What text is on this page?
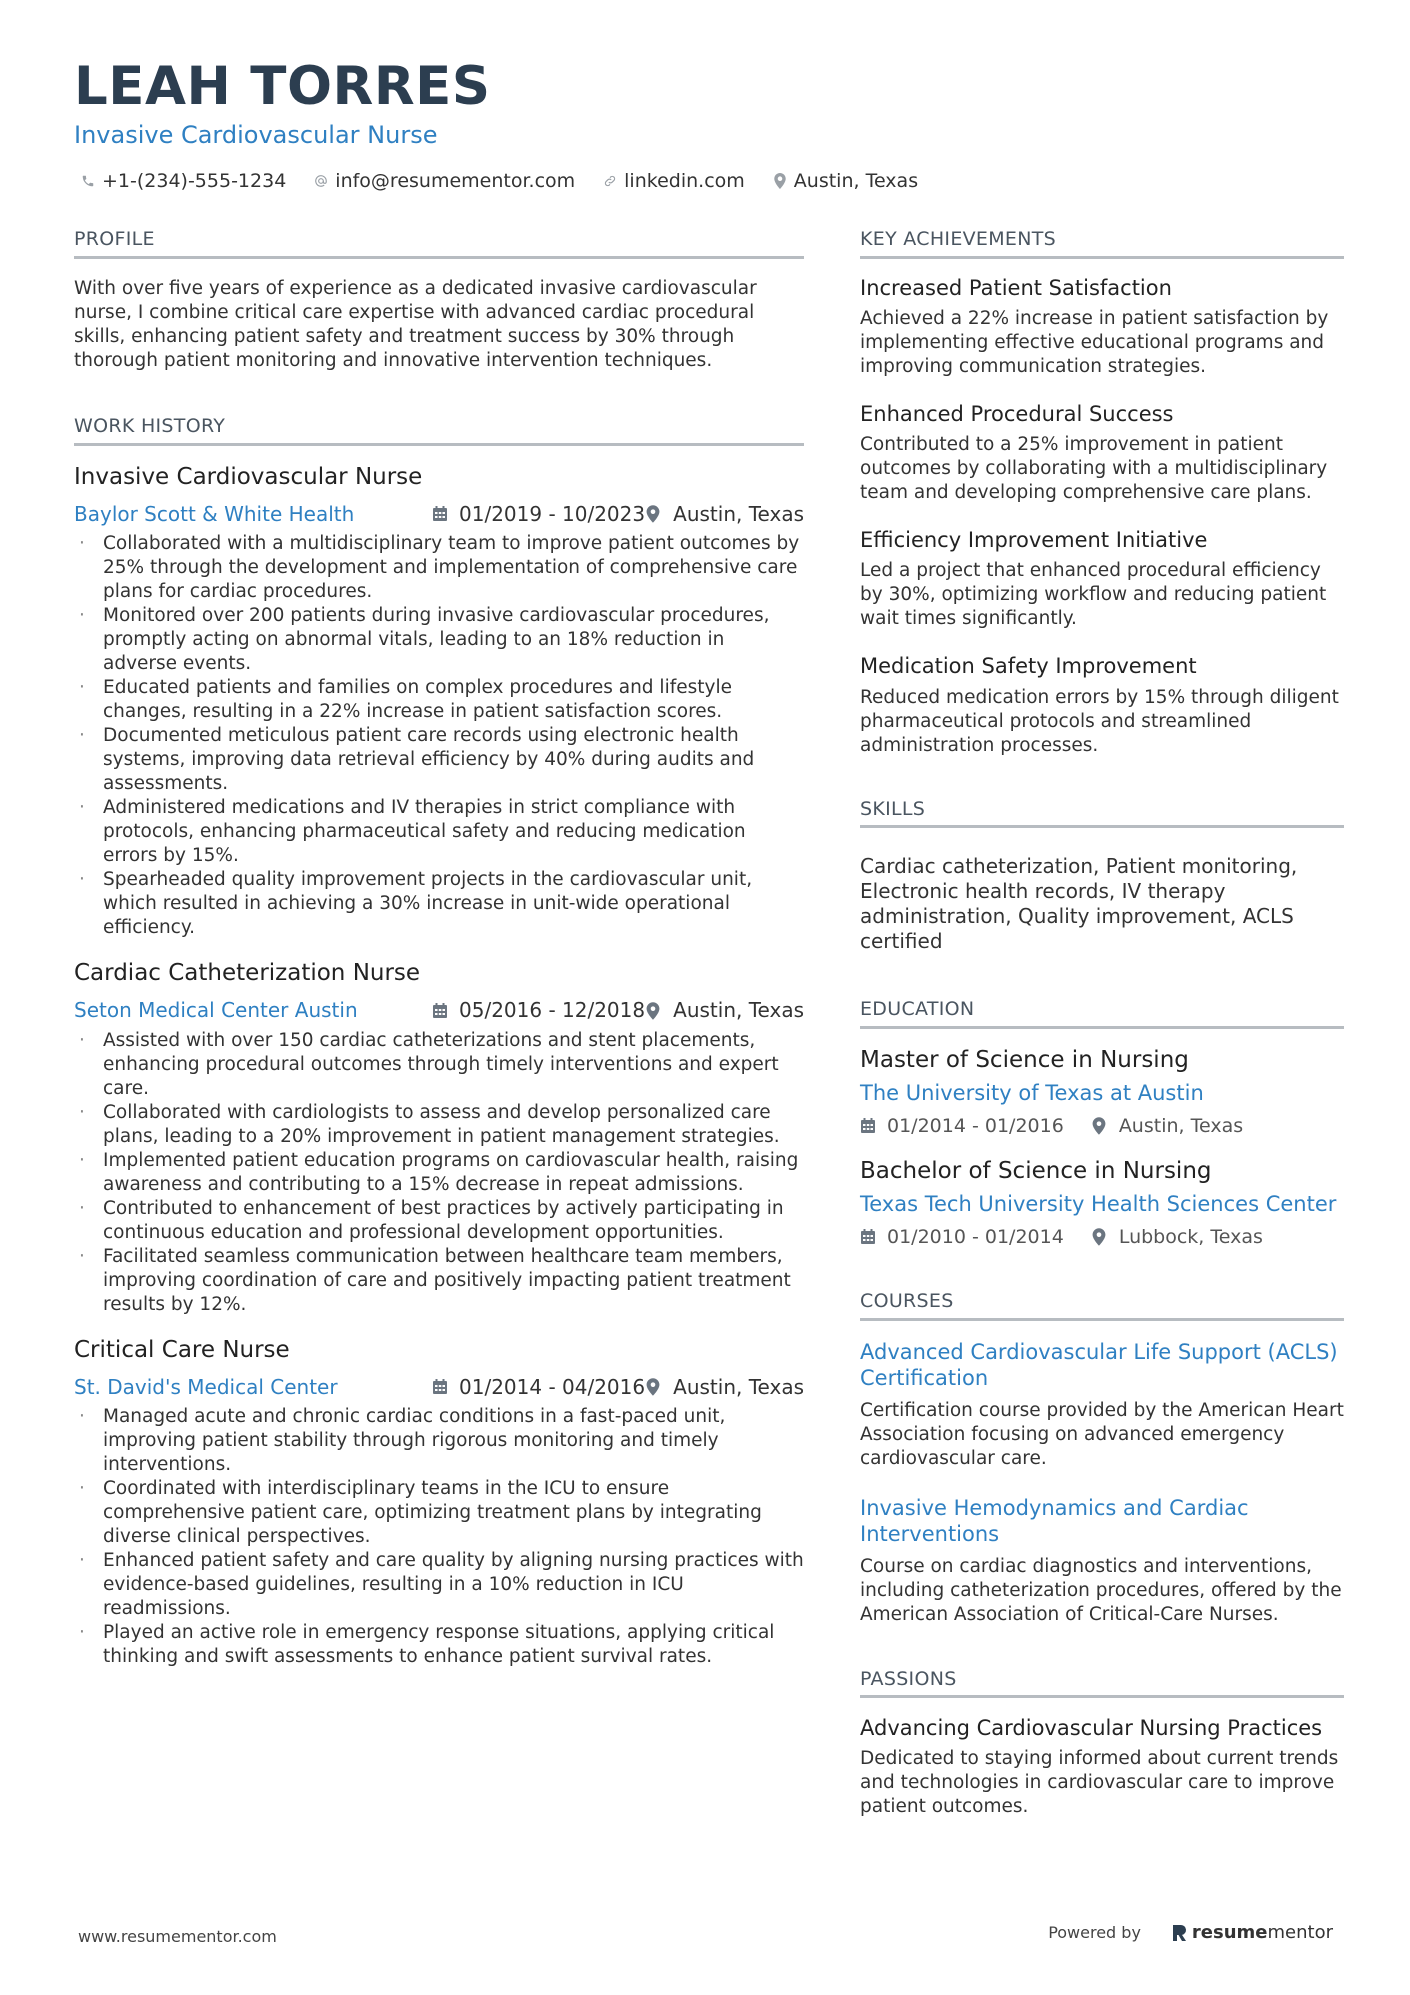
LEAH TORRES
Invasive Cardiovascular Nurse
+1-(234)-555-1234	info@resumementor.com	linkedin.com	Austin, Texas
PROFILE
With over five years of experience as a dedicated invasive cardiovascular nurse, I combine critical care expertise with advanced cardiac procedural skills, enhancing patient safety and treatment success by 30% through thorough patient monitoring and innovative intervention techniques.
WORK HISTORY
Invasive Cardiovascular Nurse
Baylor Scott & White Health	01/2019 - 10/2023 Austin, Texas
· Collaborated with a multidisciplinary team to improve patient outcomes by 25% through the development and implementation of comprehensive care plans for cardiac procedures.
· Monitored over 200 patients during invasive cardiovascular procedures, promptly acting on abnormal vitals, leading to an 18% reduction in adverse events.
· Educated patients and families on complex procedures and lifestyle changes, resulting in a 22% increase in patient satisfaction scores.
· Documented meticulous patient care records using electronic health systems, improving data retrieval efficiency by 40% during audits and assessments.
· Administered medications and IV therapies in strict compliance with protocols, enhancing pharmaceutical safety and reducing medication errors by 15%.
· Spearheaded quality improvement projects in the cardiovascular unit, which resulted in achieving a 30% increase in unit-wide operational efficiency.
Cardiac Catheterization Nurse
Seton Medical Center Austin	05/2016 - 12/2018 Austin, Texas
· Assisted with over 150 cardiac catheterizations and stent placements, enhancing procedural outcomes through timely interventions and expert care.
· Collaborated with cardiologists to assess and develop personalized care plans, leading to a 20% improvement in patient management strategies.
· Implemented patient education programs on cardiovascular health, raising awareness and contributing to a 15% decrease in repeat admissions.
· Contributed to enhancement of best practices by actively participating in continuous education and professional development opportunities.
· Facilitated seamless communication between healthcare team members, improving coordination of care and positively impacting patient treatment results by 12%.
Critical Care Nurse
St. David's Medical Center	01/2014 - 04/2016 Austin, Texas
· Managed acute and chronic cardiac conditions in a fast-paced unit, improving patient stability through rigorous monitoring and timely interventions.
· Coordinated with interdisciplinary teams in the ICU to ensure comprehensive patient care, optimizing treatment plans by integrating diverse clinical perspectives.
· Enhanced patient safety and care quality by aligning nursing practices with evidence-based guidelines, resulting in a 10% reduction in ICU readmissions.
· Played an active role in emergency response situations, applying critical thinking and swift assessments to enhance patient survival rates.
KEY ACHIEVEMENTS
Increased Patient Satisfaction
Achieved a 22% increase in patient satisfaction by implementing effective educational programs and improving communication strategies.
Enhanced Procedural Success
Contributed to a 25% improvement in patient outcomes by collaborating with a multidisciplinary team and developing comprehensive care plans.
Efficiency Improvement Initiative
Led a project that enhanced procedural efficiency by 30%, optimizing workflow and reducing patient wait times significantly.
Medication Safety Improvement
Reduced medication errors by 15% through diligent pharmaceutical protocols and streamlined administration processes.
SKILLS
Cardiac catheterization, Patient monitoring, Electronic health records, IV therapy administration, Quality improvement, ACLS certified
EDUCATION
Master of Science in Nursing
The University of Texas at Austin
01/2014 - 01/2016	Austin, Texas
Bachelor of Science in Nursing
Texas Tech University Health Sciences Center
01/2010 - 01/2014	Lubbock, Texas
COURSES
Advanced Cardiovascular Life Support (ACLS) Certification
Certification course provided by the American Heart Association focusing on advanced emergency cardiovascular care.
Invasive Hemodynamics and Cardiac Interventions
Course on cardiac diagnostics and interventions, including catheterization procedures, offered by the American Association of Critical-Care Nurses.
PASSIONS
Advancing Cardiovascular Nursing Practices
Dedicated to staying informed about current trends and technologies in cardiovascular care to improve patient outcomes.
www.resumementor.com	Powered by	resume mentor
